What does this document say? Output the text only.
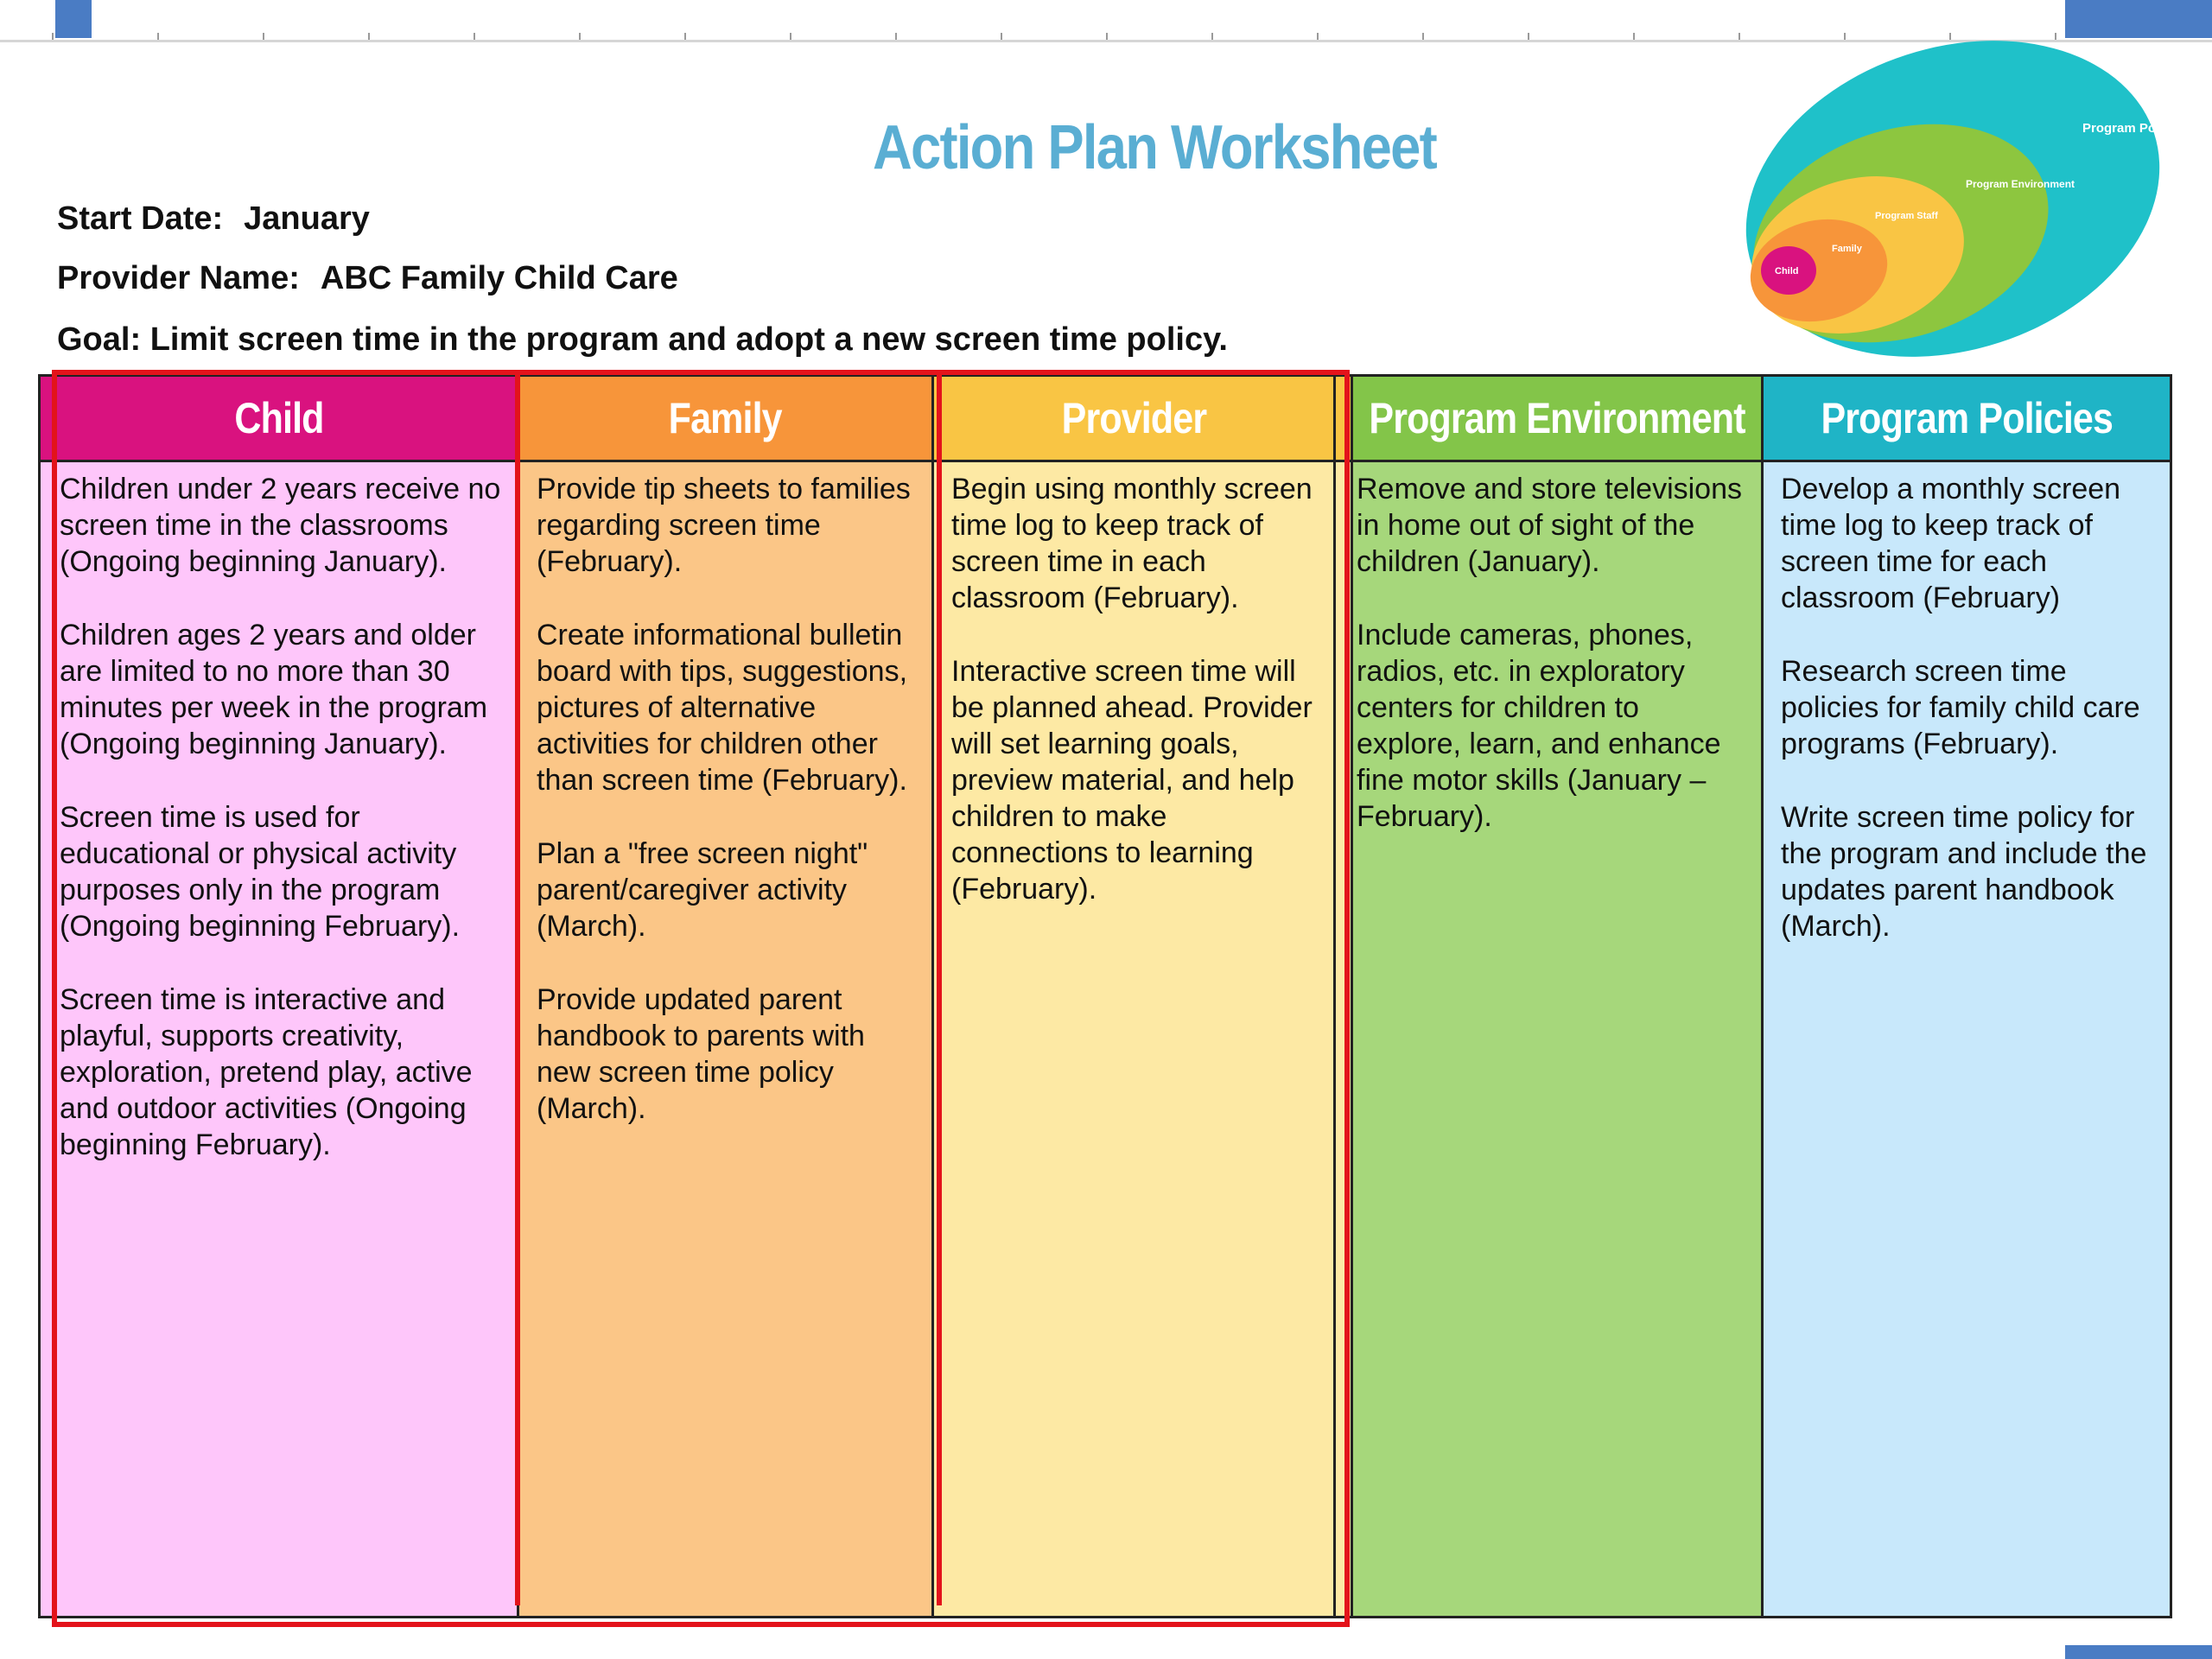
Action Plan Worksheet
Start Date: January
Provider Name: ABC Family Child Care
Goal: Limit screen time in the program and adopt a new screen time policy.
Program Policies
Program Environment
Program Staff
Family
Child
Child

Children under 2 years receive no screen time in the classrooms (Ongoing beginning January).

Children ages 2 years and older are limited to no more than 30 minutes per week in the program (Ongoing beginning January).

Screen time is used for educational or physical activity purposes only in the program (Ongoing beginning February).

Screen time is interactive and playful, supports creativity, exploration, pretend play, active and outdoor activities (Ongoing beginning February).

Family

Provide tip sheets to families regarding screen time (February).

Create informational bulletin board with tips, suggestions, pictures of alternative activities for children other than screen time (February).

Plan a "free screen night" parent/caregiver activity (March).

Provide updated parent handbook to parents with new screen time policy (March).

Provider

Begin using monthly screen time log to keep track of screen time in each classroom (February).

Interactive screen time will be planned ahead. Provider will set learning goals, preview material, and help children to make connections to learning (February).

Program Environment

Remove and store televisions in home out of sight of the children (January).

Include cameras, phones, radios, etc. in exploratory centers for children to explore, learn, and enhance fine motor skills (January – February).

Program Policies

Develop a monthly screen time log to keep track of screen time for each classroom (February)

Research screen time policies for family child care programs (February).

Write screen time policy for the program and include the updates parent handbook (March).
